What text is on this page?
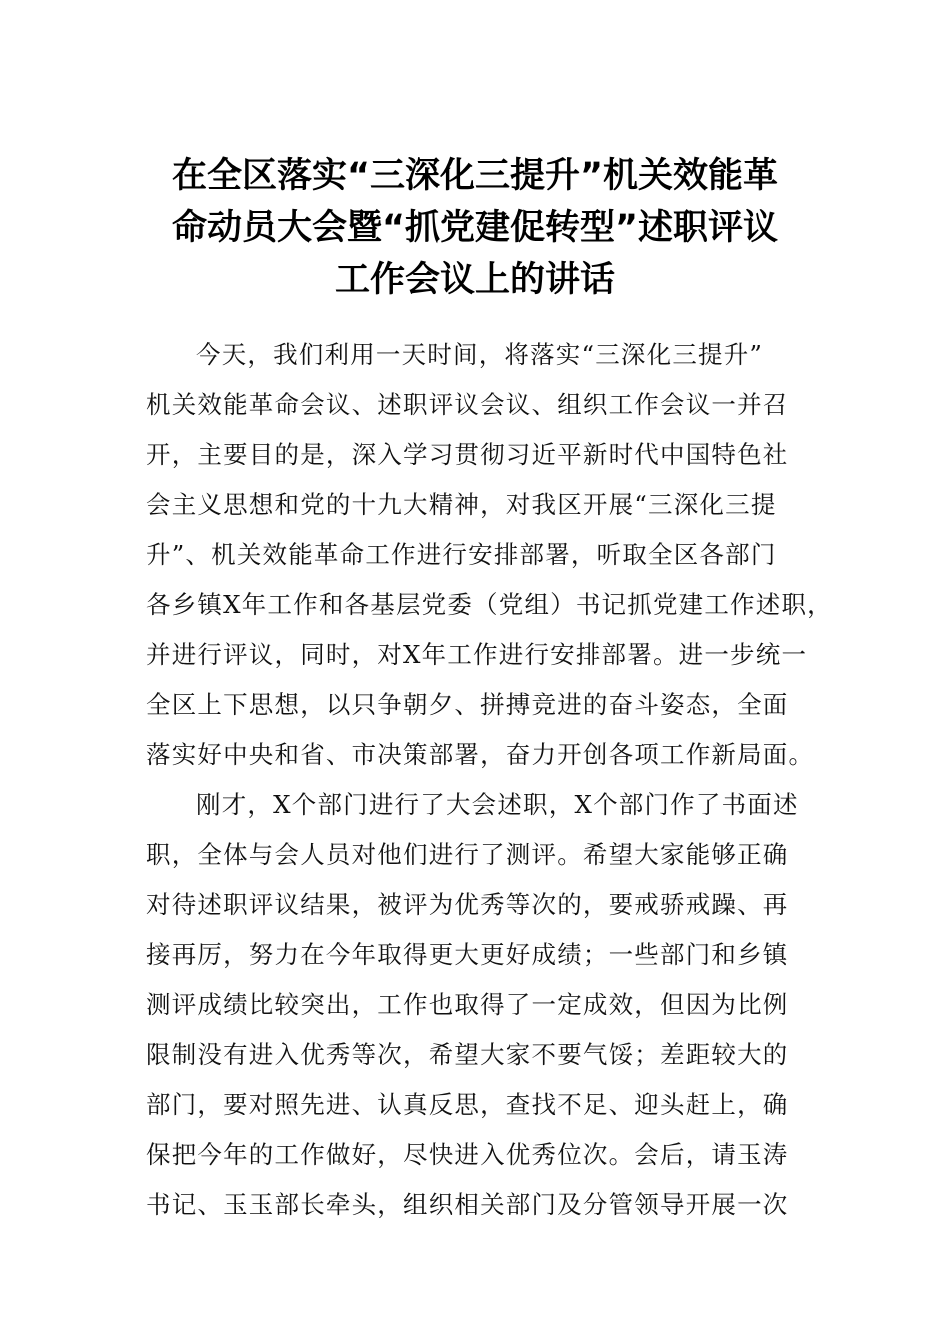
在全区落实“三深化三提升”机关效能革
命动员大会暨“抓党建促转型”述职评议
工作会议上的讲话

今天，我们利用一天时间，将落实“三深化三提升”
机关效能革命会议、述职评议会议、组织工作会议一并召
开，主要目的是，深入学习贯彻习近平新时代中国特色社
会主义思想和党的十九大精神，对我区开展“三深化三提
升”、机关效能革命工作进行安排部署，听取全区各部门
各乡镇X年工作和各基层党委（党组）书记抓党建工作述职，
并进行评议，同时，对X年工作进行安排部署。进一步统一
全区上下思想，以只争朝夕、拼搏竞进的奋斗姿态，全面
落实好中央和省、市决策部署，奋力开创各项工作新局面。

刚才，X个部门进行了大会述职，X个部门作了书面述
职，全体与会人员对他们进行了测评。希望大家能够正确
对待述职评议结果，被评为优秀等次的，要戒骄戒躁、再
接再厉，努力在今年取得更大更好成绩；一些部门和乡镇
测评成绩比较突出，工作也取得了一定成效，但因为比例
限制没有进入优秀等次，希望大家不要气馁；差距较大的
部门，要对照先进、认真反思，查找不足、迎头赶上，确
保把今年的工作做好，尽快进入优秀位次。会后，请玉涛
书记、玉玉部长牵头，组织相关部门及分管领导开展一次
